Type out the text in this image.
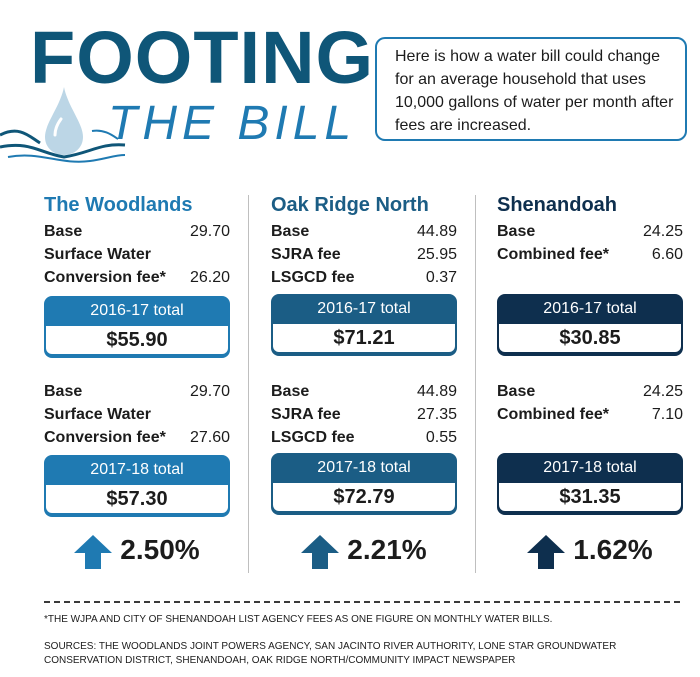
FOOTING
THE BILL
Here is how a water bill could change for an average household that uses 10,000 gallons of water per month after fees are increased.
The Woodlands
Base	29.70
Surface Water
Conversion fee* 26.20
2016-17 total
$55.90
Base	29.70
Surface Water
Conversion fee* 27.60
2017-18 total
$57.30
2.50%
Oak Ridge North
Base	44.89
SJRA fee	25.95
LSGCD fee	0.37
2016-17 total
$71.21
Base	44.89
SJRA fee	27.35
LSGCD fee	0.55
2017-18 total
$72.79
2.21%
Shenandoah
Base	24.25
Combined fee*	6.60
2016-17 total
$30.85
Base	24.25
Combined fee*	7.10
2017-18 total
$31.35
1.62%
*THE WJPA AND CITY OF SHENANDOAH LIST AGENCY FEES AS ONE FIGURE ON MONTHLY WATER BILLS.
SOURCES: THE WOODLANDS JOINT POWERS AGENCY, SAN JACINTO RIVER AUTHORITY, LONE STAR GROUNDWATER CONSERVATION DISTRICT, SHENANDOAH, OAK RIDGE NORTH/COMMUNITY IMPACT NEWSPAPER
